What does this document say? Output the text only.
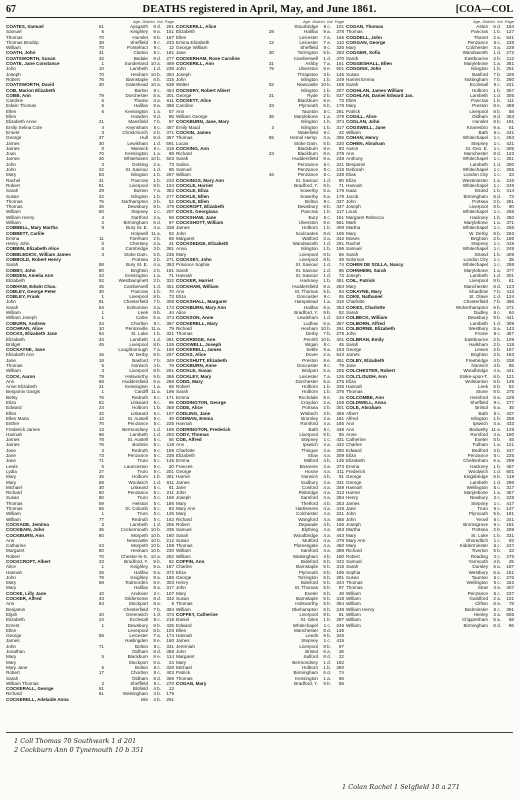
67	DEATHS registered in April, May, and June 1861.	[COA—COL
Age. District. Vol. Page
COATES, Samuel	51	Aysgarth	9 d.	291
Samuel	6	Keighley	9 a.	151
Thomas	70	Hunslet	9 b.	187
Thomas Brodrip	38	Sheffield	9 c.	233
William	70	Pontefract	9 c.	12
COATH, John	31	Clutton	5 c.	181
COATSWORTH, Susan	32	Bedale	9 d.	277
COATE, Jane Constance	1	Sunderland 10 a.	489
John	10	Lambeth	1 d.	238
Joseph	70	Hexham 10 b.	354
Robert	76	Barnstaple	5 b.	315
COATSWORTH, David	30	Gateshead 10 a.	539
COB, Marion Elizabeth	Barton	8 c.	454
COBB, Ann	79	Dorchester	5 a.	301
Caroline	6	Thame	3 a.	611
Edwin Thomas	5	Halifax	9 a.	386
Ellen	6	Kensington	1 a.	57
Ellen	Howden	9 d.	95
Elizabeth Anne	21	Mansfield	7 b.	97
Emily Selina Cole	4	Keynsham	5 c.	487
Ernest	3	Christchurch	2 b.	371
George	37	Hull	9 d.	367
James	30	Lewisham	1 d.	591
James	0	Warwick	6 c.	316
Joan	70	Kensington	1 a.	69
James	26	Whitehaven 10 b.	503
John	3	Dorking	2 a.	73
John	22	St. Saviour	1 d.	65
Mary	53	Islington	1 b.	267
Rachel	31	Pancras	1 b.	233
Robert	81	Liverpool	8 b.	104
Sarah	29	Boston	7 a.	363
Susan	22	Islington	1 b.	277
Thomas	75	Northampton	3 b.	52
Thomas	36	Dewsbury	9 b.	479
William	50	Stepney	1 c.	207
William Henry	4	Dartford	2 a.	88
William	2	Birmingham	6 d.	97
COBBELL, Mary Martha	8	Bury St. E.	4 a.	338
COBBETT, Carlile	Holywell 11 a.	52
Emma	11	Fareham	2 b.	59
Henry John	0	Chertsey	2 a.	31
COBBIN, Elizabeth Alice	6	Cambridge	3 b.	361
COBBLEDICK, William James	3	Stoke Dam.	5 b.	236
COBBOLD, Robert Henry	Portsea	2 b.	271
Sarah	88	Bury St. E.	4 a.	353
COBBY, John	80	Brighton	2 b.	181
COBDEN, Amelia Ann	33	Kensington	1 a.	71
Elizabeth	52	Westhampnett	2 b.	322
COBHAM, Edwin Chas.	45	Camberwell	1 d.	451
COBLEY, George Peter	30	Pancras	1 b.	70
COBLEY, Frank	1	Liverpool	8 b.	73
John	81	Chesterfield	7 b.	308
Sarah	54	Edmonton	3 a.	173
William	1	Leek	6 b.	44
William Joseph	1	Calne	5 a.	374
COBURN, Andrew	34	Chorlton	8 c.	387
COCHRAN, Alice	10	Pentonville 11 a.	79
COCKS, Elizabeth Jane	64	St. Luke	1 b.	321
Elizabeth	34	Lambeth	1 d.	391
Bridget	45	Liverpool	8 b.	136
COCKAYNE, Jane	Loughborough	7 a.	169
Elizabeth Ann	15	W. Derby	8 b.	267
Jane	18	Basford	7 b.	349
Thomas	5	Norwich	4 b.	78
William	3	Liverpool	8 b.	251
COCK, Aaron	79	Holsworthy	5 b.	366
Ann	68	Huddersfield	9 a.	286
Anne Elizabeth	21	Kensington	1 a.	58
Benjamin Gargis	1	Cardiff 11 a.	198
Betsy	76	Redruth	5 c.	171
Eliza	52	Liskeard	5 c.	86
Edward	24	Holborn	1 b.	368
Ellen	32	Liskeard	5 c.	107
Ellen Maria	12	St. Austell	5 c.	49
Esther	70	Penzance	5 c.	225
Frederick James	13	Bermondsey	1 d.	188
Hannah	66	Lambeth	1 d.	292
James	78	St. Austell	5 c.	56
James	76	Bodmin	5 c.	118
Jane	3	Redruth	5 c.	168
Jane	73	Penzance	5 c.	238
Jane	71	Truro	5 c.	145
Lewis	6	Launceston	5 c.	30
Lydia	27	Truro	5 c.	201
Mary	45	Holborn	1 b.	351
Mary	58	Woolwich	1 d.	611
Michael	30	Liskeard	5 c.	81
Richard	50	Penzance	5 c.	211
Susan	80	Truro	5 c.	166
Thomas	59	Helston	5 c.	186
Thomas	56	St. Columb	5 c.	83
William	1	Truro	5 c.	125
William	77	Redruth	5 c.	162
COCKADE, Jemima	3	Lambeth	1 d.	255
COCKBAIN, John	35	Cockermouth 10 b.	335
COCKBURN, Ann	60	Morpeth 10 b.	180
Ann	Newcastle 10 b.	212
Catharine	24	Morpeth 10 b.	199
Margaret	80	Hexham 10 b.	230
Robert	70	Chester-le-S. 10 a.	282
COCKCROFT, Albert	23	Bradford, Y.	9 b.	82
Alice	1	Keighley	9 a.	187
Hannah	25	Halifax	9 a.	372
John	78	Keighley	9 a.	185
Mary	58	Todmorden	8 e.	303
Mary	Halifax	9 a.	317
COCKE, Lilly Jane	10	Andover	2 c.	107
COCKER, Alfred	43	Gildersome	8 d.	342
Ann	64	Stockport	8 a.	5
Benjamin	Chesterfield	7 b.	394
Elijah	40	Greenwich	1 d.	473
Elizabeth	24	Ecclesall	9 c.	219
Ernest	1	Dewsbury	9 b.	435
Ellen	Leverpool	8 b.	103
George	58	Leicester	7 a.	174
James	Haslingden	8 e.	160
John	71	Bolton	8 c.	331
Jonathan	Oldham	8 d.	359
Mary	5	Blackburn	8 e.	114
Mary	Stockport	8 a.	24
Mary Jane	5	Bolton	8 c.	326
Robert	17	Chorlton	8 c.	403
Sarah	Oldham	8 d.	368
William Thomas	2	Sheffield	9 c.	270
COCKERALL, George	51	Blofield	4 b.	13
Richard	61	Walsingham	4 b.	179
COCKERELL, Adelaide Anna	Isle	4 b.	291
Age. District. Vol. Page
COCKERILL, Alice	Stourbridge	6 c.	101
Elizabeth	28	Halifax	9 a.	378
Ellen	Leicester	7 a.	166
Emma Elizabeth	12	Leicester	7 a.	110
George William	Sheffield	9 c.	326
Jane	30	Torrington	5 b.	283
COCKERHAM, Rose Caroline	Camberwell	1 d.	470
COCKERILL, Ann	31	Ashby	7 a.	151
John	75	Ulverston	8 e.	601
Joseph	Thrapston	3 b.	145
John	Islington	1 b.	249
Walter	52	Newcastle 10 b.	156
COCKERY, Robert Albert	Islington	1 b.	207
George	31	Ryde	2 b.	537
COCKETT, Alice	Blackburn	8 e.	73
Caroline	33	Plymouth	5 b.	178
Ann	Taunton	5 c.	281
William George	36	Marylebone	1 a.	379
COCKBURN, Jane, Mary	Islington	1 b.	374
Emily Maud	3	Islington	1 b.	317
COCKIN, James	Wakefield	9 c.	42
Thomas	65	Hemel Hemp.	3 a.	395
Lucas	Stoke Dam.	5 b.	230
COCKING, Ann	Blackburn	8 e.	83
Richard	23	Blackburn	8 e.	278
Sarah	Huddersfield	9 a.	248
Salina	Penzance	5 c.	221
Samuel	Penzance	5 c.	216
William	46	Penzance	5 c.	238
COCKINGS, Mary Ann	St. Saviour	1 d.	80
COCKLE, Harriet	Bradford, Y.	9 b.	71
COCKLE, Eliza	Sowerby	5 a.	179
COCKLE, Ellen	Sowerby	5 a.	179
COCKLE, Ellen	Bolton	8 c.	337
COCKROFT, Elizabeth	Dewsbury	9 b.	437
COCKS, Georgiana	Pancras	1 b.	117
COCKSHAW, Jane	Bury	8 c.	151
COCKSHOTT, William	Ulverston	8 e.	561
James	Holborn	1 b.	409
John	Sculcoates	9 d.	165
Margaret	Watford	3 a.	342
COCKSEDGE, Elizabeth	Wandsworth	1 d.	291
Anna	Islington	1 b.	196
Mary	Liverpool	8 b.	86
COCKSEY, John	Liverpool	8 b.	49
Prisonce Sophia	St. Saviour	1 d.	74
Sarah	St. Saviour	1 d.	85
Hannah	St. Saviour	1 d.	73
COCKER, Harriet	Hackney	1 b.	451
COCKHAM, William	Huddersfield	9 a.	264
Ann	St. Thomas	5 b.	84
Eliza	Doncaster	9 c.	55
COCKSHALL, Margaret	Hampstead	1 a.	315
COCKBURN, Mary Ann	Halifax	9 a.	353
Alice	Bradford, Y.	9 b.	52
COCKSON, Anne	Lewisham	1 d.	534
COCKERELL, Mary	Ludlow	6 a.	387
Richard	Hexham 10 b.	291
Thomas	Derby	7 b.	278
COCKRIDGE, Ann	Penrith 10 b.	401
COCKWELL, Joseph	Wigan	8 c.	45
COCKERELL, James	Settle	9 a.	163
COCKS, Alice	Dover	2 a.	543
COCKSHUTT, Elizabeth	Preston	8 e.	451
COCKBURN, Anne	Doncaster	9 c.	79
COCKLE, Susan	Bridport	5 a.	205
COCKLEY, Mary	Leicester	7 a.	126
CODD, Mary	Dorchester	5 a.	276
Robert	Holborn	1 b.	335
Sarah	Holborn	1 b.	376
Emma	Rochdale	8 e.	15
CODDINGTON, George	Croydon	2 a.	159
CODE, Alice	Portsea	2 b.	301
CODLING, Jane	Wisbech	3 b.	359
CODMAN, Emma	Bromley	2 a.	181
Hannah	Romford	4 a.	185
CODRINGTON, Frederick	Bath	5 c.	438
CODY, Thomas	Liverpool	8 b.	55
COE, Alfred	Stepney	1 c.	431
Ann	Ipswich	4 a.	432
Charlotte	Thingoe	4 a.	280
Elizabeth	Stow	4 a.	309
Emma	Mitford	4 b.	135
Frances	Bosmere	4 a.	373
George	Hoxne	4 a.	411
Harriet	Norwich	4 b.	91
James	Sudbury	4 a.	331
Jane	Cosford	4 a.	349
John	Risbridge	4 a.	313
Joseph	Samford	4 a.	394
Mary	Thetford	4 b.	253
Mary Ann	Hartismere	4 a.	419
Mary	Colchester	4 a.	221
Richard	Wangford	4 a.	456
Robert	Depwade	4 b.	156
Samuel	Blything	4 a.	463
Sarah	Woodbridge	4 a.	443
Susan	Mutford	4 a.	478
Thomas	Plomesgate	4 a.	450
William	Samford	4 a.	398
William	Walsingham	4 b.	180
COFFIN, Ann	Bideford	5 b.	342
Charles	Barnstaple	5 b.	315
Eliza	Plymouth	5 b.	196
George	Torrington	5 b.	281
Henry	Bideford	5 b.	344
John	St. Thomas	5 b.	97
Mary	Exeter	5 b.	48
Susan	Barnstaple	5 b.	318
Thomas	Holsworthy	5 b.	364
William	Okehampton	5 b.	248
COFFEY, Catherine	Liverpool	8 b.	81
Daniel	St. Giles	1 b.	297
Edward	Whitechapel	1 c.	246
Ellen	Manchester	8 d.	136
Hannah	Leeds	9 b.	346
James	Stepney	1 c.	415
Jeremiah	Liverpool	8 b.	97
John	Bristol	6 a.	36
Margaret	Salford	8 d.	22
Mary	Bermondsey	1 d.	182
Michael	Holborn	1 b.	360
Patrick	Birmingham	6 d.	74
Thomas	Kensington	1 a.	66
COGAN, Mary	Bradford, Y.	9 b.	58
Age. District. Vol. Page
COGAN, Thomas	Aston	6 d.	184
Thomas	Pancras	1 b.	127
COGDELL, John	Thanet	2 a.	541
COGGAN, George	Penzance	5 c.	228
Mary	Colchester	4 a.	229
COGGER, Sofia	Wandsworth	1 d.	272
Sarah	Eastbourne	2 b.	112
COGGESHALL, Ellen	Marylebone	1 a.	361
COGGINS, John	Islington	1 b.	251
Susan	Basford	7 b.	326
Harriet Emma	Nottingham	7 b.	280
Sarah	Ecclesall	9 c.	221
COGHLAN, James William	Holborn	1 b.	367
COGHLAN, Daniel Edward Jas.	Lambeth	1 d.	305
Ellen	Pancras	1 b.	111
Mary	Preston	8 e.	459
Patrick	Liverpool	8 b.	58
COGILL, Alice	Oldham	8 d.	353
COGLAN, John	Hunslet	9 b.	191
COGSWELL, Jane	Knaresbro	9 a.	51
William	Bath	5 c.	441
COHAN, Henry	Whitechapel	1 c.	253
COHEN, Abraham	Stepney	1 c.	421
Aaron	St. Geo. E.	1 c.	305
Ann	Manchester	8 d.	123
Anthony	Whitechapel	1 c.	251
Benjamin	Lambeth	1 d.	300
Deborah	Whitechapel	1 c.	255
Elias	London City	1 c.	33
Eliza	Westminster	1 a.	216
Hannah	Whitechapel	1 c.	249
Isaac	Strand	1 b.	414
Jacob	Birmingham	6 d.	73
John	Portsea	2 b.	281
Joseph	Liverpool	8 b.	90
Louis	Whitechapel	1 c.	258
Margaret Rebecca	Hackney	1 b.	450
Mark	Marylebone	1 a.	371
Martha	Whitechapel	1 c.	256
Mary	W. Derby	8 b.	263
Moses	Brighton	2 b.	186
Rachel	Stepney	1 c.	419
Samuel	Whitechapel	1 c.	249
Sarah	Strand	1 b.	409
Solomon	London City	1 c.	35
COHEN DE SOLLA, Nancy	Whitechapel	1 c.	258
COHNHEIM, Sarah	Marylebone	1 a.	377
Joseph	Lambeth	1 d.	301
COIL, Patrick	Liverpool	8 b.	61
Mary	Manchester	8 d.	123
COKAYNE, Mary	Shardlow	7 b.	413
COKE, Nathaniel	St. Olave	1 d.	124
Charlotte	Chesterfield	7 b.	396
COKES, Charlotte	Wolverhampton	6 b.	271
Sarah	Dudley	6 c.	64
COLBECK, William	Dewsbury	9 b.	441
COLBORN, Alfred	Lambeth	1 d.	309
COLBORNE, Elizabeth	Westbury	5 a.	143
John	Frome	5 c.	357
COLBRAN, Emily	Eastbourne	2 b.	109
Sarah	Hailsham	2 b.	118
George	Lewes	2 b.	167
James	Brighton	2 b.	183
COLBY, Elizabeth	Freebridge	4 b.	238
Jane	Norwich	4 b.	85
COLCHESTER, Robert	Woodbridge	4 a.	441
COLCLOUGH, Ann	Stoke-upon-T.	6 b.	121
Eliza	Wolstanton	6 b.	149
Hannah	Leek	6 b.	52
Thomas	Stone	6 b.	275
COLCOMBE, Ann	Hereford	6 a.	229
COLDWELL, Anna	Sheffield	9 c.	277
COLE, Abraham	Bristol	6 a.	35
Albert	Bath	5 c.	437
Alfred	Islington	1 b.	259
Ann	Ipswich	4 a.	433
Ann	Bedwelty 11 a.	129
Anne	Romford	4 a.	180
Catherine	Exeter	5 b.	45
Charles	Fulham	1 a.	121
Edward	Bedford	3 b.	247
Eliza	Penzance	5 c.	225
Elizabeth	Cheltenham	6 a.	299
Emma	Hackney	1 b.	457
Frederick	Woolwich	1 d.	601
George	Kingsbridge	5 b.	119
George	Lambeth	1 d.	296
Hannah	Wellington	5 c.	317
Harriet	Marylebone	1 a.	357
Henry	Newbury	2 c.	229
James	Stepney	1 c.	417
Jane	Truro	5 c.	147
John	Plymouth	5 b.	181
John	Yeovil	5 c.	341
Joseph	Bromsgrove	6 c.	181
Martha	Portsea	2 b.	289
Mary	St. Luke	1 b.	331
Mary Ann	Shoreditch	1 c.	93
Mary	Kidderminster	6 c.	247
Richard	Tiverton	5 b.	33
Robert	Reading	2 c.	275
Samuel	Yarmouth	4 b.	25
Sarah	Dursley	6 a.	187
Sophia	Westbury	5 a.	151
Susan	Taunton	5 c.	276
Thomas	Wellington	5 c.	322
Thomas	Stow	4 a.	307
William	Penzance	5 c.	237
William	Guildford	2 a.	101
William	Clifton	6 a.	79
William Henry	Bedminster	5 c.	391
William	Henley	3 a.	605
William	Chippenham	5 a.	68
William	Birmingham	6 d.	86
1 Coll Thomas 70 Southwark 1 d 201
2 Cockburn Ann 0 Tynemouth 10 b 351
1 Colan Rachel 1 Selgfield 10 a 271
